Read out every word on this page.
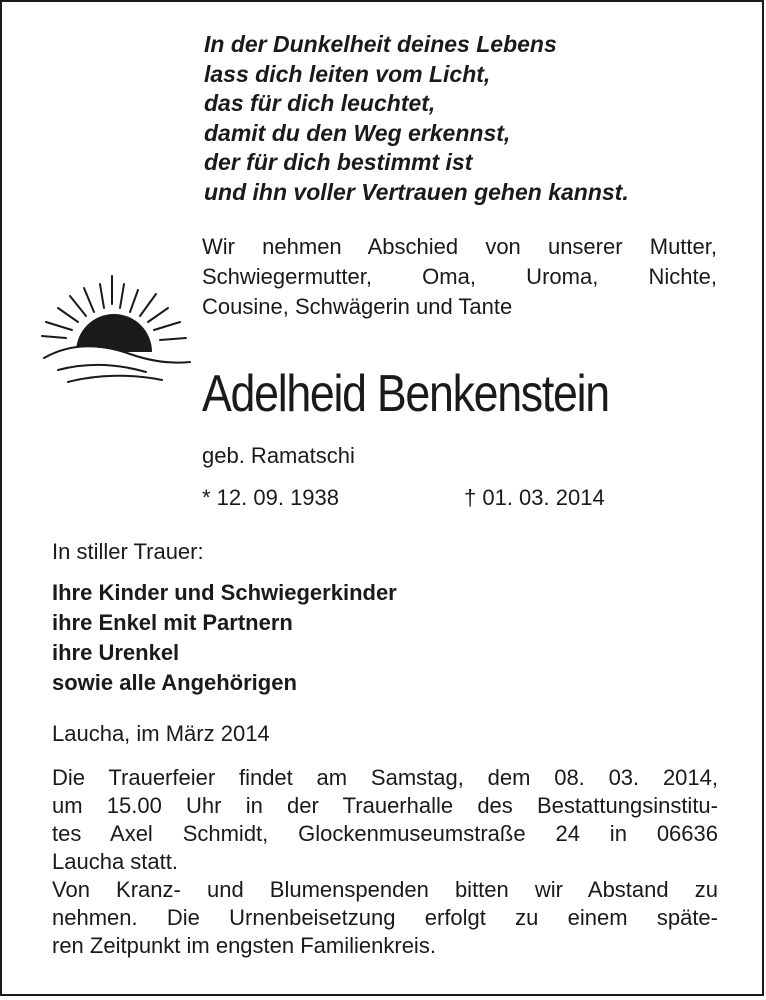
In der Dunkelheit deines Lebens
lass dich leiten vom Licht,
das für dich leuchtet,
damit du den Weg erkennst,
der für dich bestimmt ist
und ihn voller Vertrauen gehen kannst.
Wir nehmen Abschied von unserer Mutter,
Schwiegermutter, Oma, Uroma, Nichte,
Cousine, Schwägerin und Tante
Adelheid Benkenstein
geb. Ramatschi
* 12. 09. 1938	† 01. 03. 2014
In stiller Trauer:
Ihre Kinder und Schwiegerkinder
ihre Enkel mit Partnern
ihre Urenkel
sowie alle Angehörigen
Laucha, im März 2014
Die Trauerfeier findet am Samstag, dem 08. 03. 2014,
um 15.00 Uhr in der Trauerhalle des Bestattungsinstitu-
tes Axel Schmidt, Glockenmuseumstraße 24 in 06636
Laucha statt.
Von Kranz- und Blumenspenden bitten wir Abstand zu
nehmen. Die Urnenbeisetzung erfolgt zu einem späte-
ren Zeitpunkt im engsten Familienkreis.
